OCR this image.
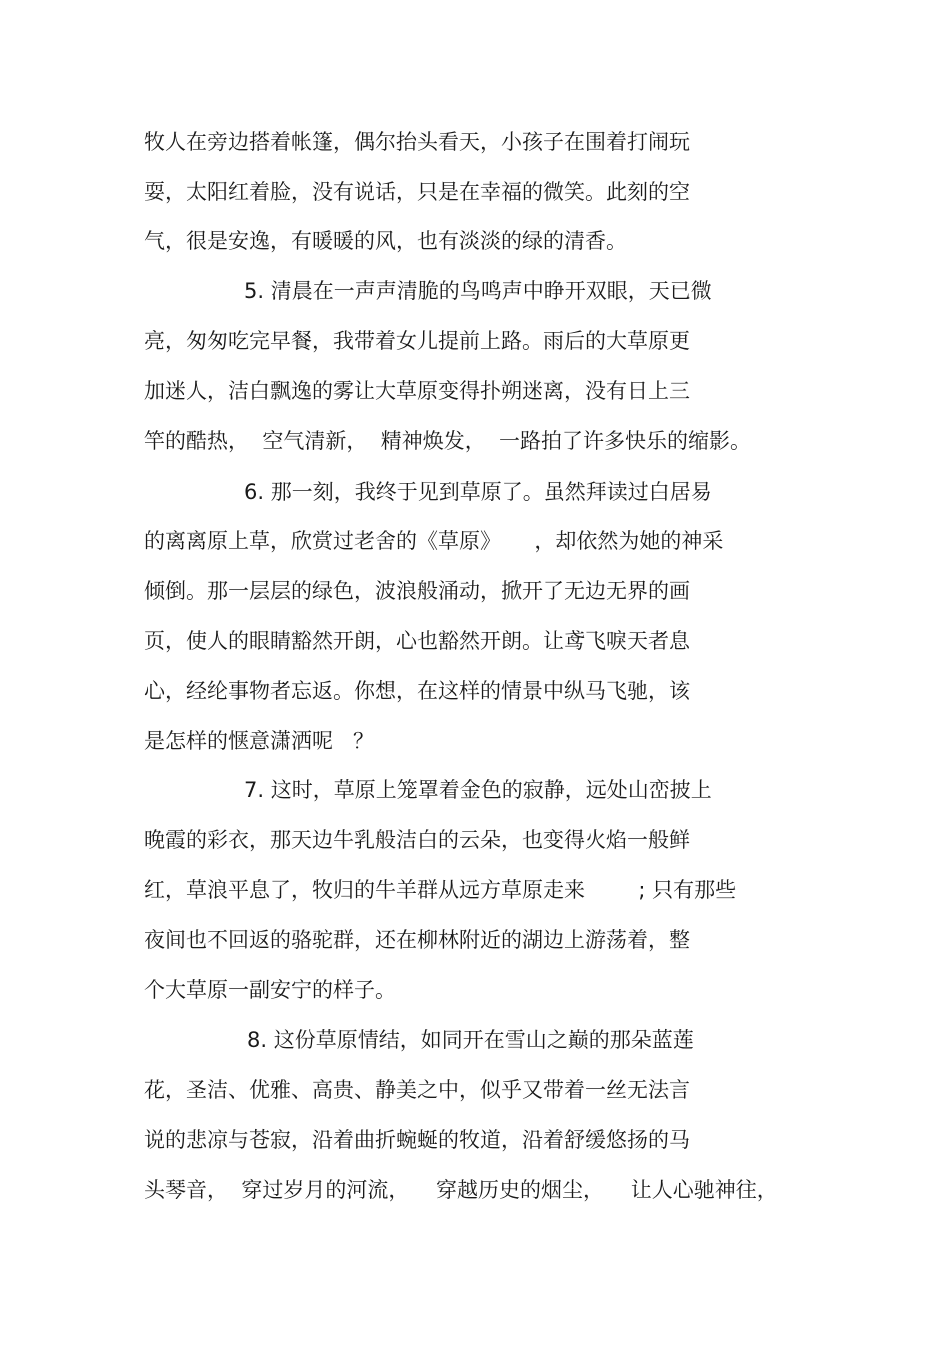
牧人在旁边搭着帐篷，偶尔抬头看天，小孩子在围着打闹玩
耍，太阳红着脸，没有说话，只是在幸福的微笑。此刻的空
气，很是安逸，有暖暖的风，也有淡淡的绿的清香。
5. 清晨在一声声清脆的鸟鸣声中睁开双眼，天已微
亮，匆匆吃完早餐，我带着女儿提前上路。雨后的大草原更
加迷人，洁白飘逸的雾让大草原变得扑朔迷离，没有日上三
竿的酷热，  空气清新，  精神焕发，  一路拍了许多快乐的缩影。
6. 那一刻，我终于见到草原了。虽然拜读过白居易
的离离原上草，欣赏过老舍的《草原》     ，却依然为她的神采
倾倒。那一层层的绿色，波浪般涌动，掀开了无边无界的画
页，使人的眼睛豁然开朗，心也豁然开朗。让鸢飞唳天者息
心，经纶事物者忘返。你想，在这样的情景中纵马飞驰，该
是怎样的惬意潇洒呢   ？
7. 这时，草原上笼罩着金色的寂静，远处山峦披上
晚霞的彩衣，那天边牛乳般洁白的云朵，也变得火焰一般鲜
红，草浪平息了，牧归的牛羊群从远方草原走来        ; 只有那些
夜间也不回返的骆驼群，还在柳林附近的湖边上游荡着，整
个大草原一副安宁的样子。
8. 这份草原情结，如同开在雪山之巅的那朵蓝莲
花，圣洁、优雅、高贵、静美之中，似乎又带着一丝无法言
说的悲凉与苍寂，沿着曲折蜿蜒的牧道，沿着舒缓悠扬的马
头琴音，  穿过岁月的河流，    穿越历史的烟尘，    让人心驰神往，
